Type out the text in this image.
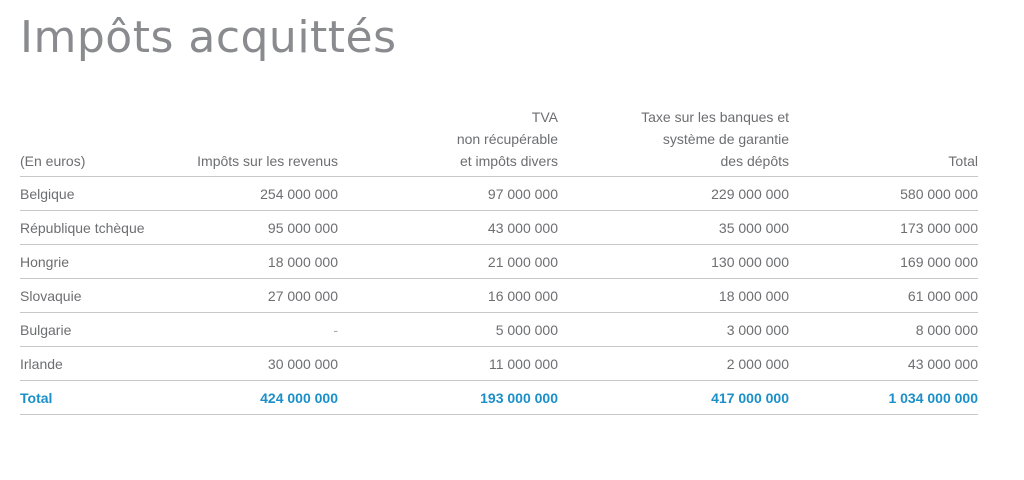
Impôts acquittés
(En euros)	Impôts sur les revenus	TVA
non récupérable
et impôts divers	Taxe sur les banques et
système de garantie
des dépôts	Total

Belgique	254 000 000	97 000 000	229 000 000	580 000 000
République tchèque	95 000 000	43 000 000	35 000 000	173 000 000
Hongrie	18 000 000	21 000 000	130 000 000	169 000 000
Slovaquie	27 000 000	16 000 000	18 000 000	61 000 000
Bulgarie	-	5 000 000	3 000 000	8 000 000
Irlande	30 000 000	11 000 000	2 000 000	43 000 000
Total	424 000 000	193 000 000	417 000 000	1 034 000 000
